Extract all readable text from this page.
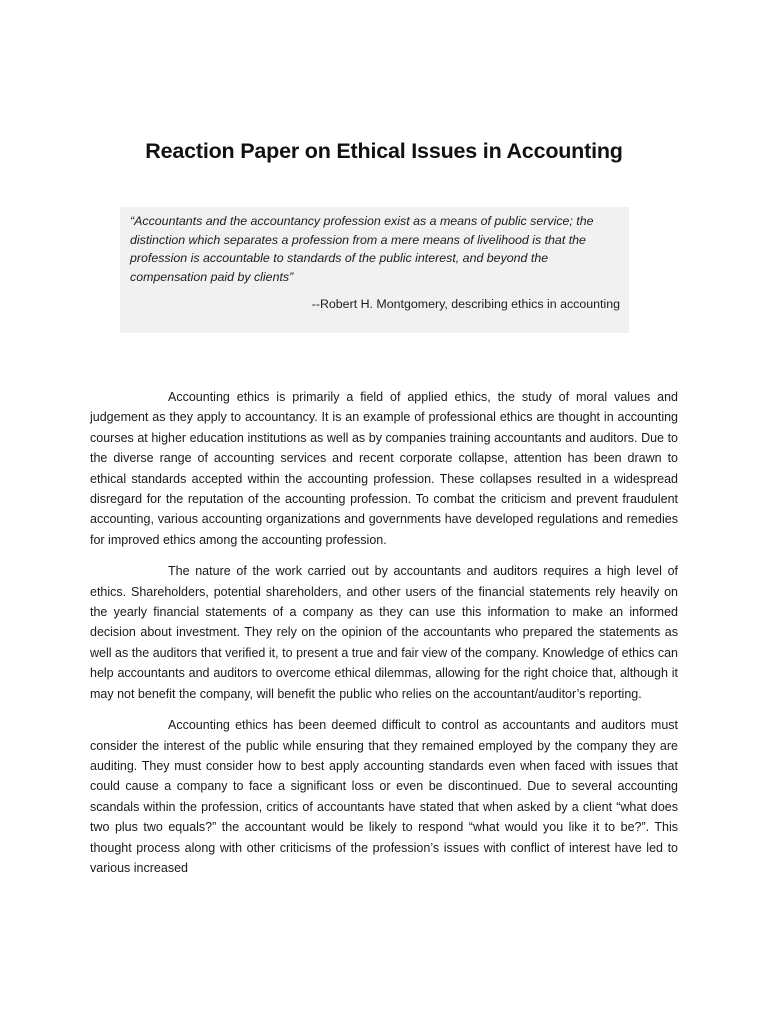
Reaction Paper on Ethical Issues in Accounting

“Accountants and the accountancy profession exist as a means of public service; the distinction which separates a profession from a mere means of livelihood is that the profession is accountable to standards of the public interest, and beyond the compensation paid by clients”

--Robert H. Montgomery, describing ethics in accounting

Accounting ethics is primarily a field of applied ethics, the study of moral values and judgement as they apply to accountancy. It is an example of professional ethics are thought in accounting courses at higher education institutions as well as by companies training accountants and auditors. Due to the diverse range of accounting services and recent corporate collapse, attention has been drawn to ethical standards accepted within the accounting profession. These collapses resulted in a widespread disregard for the reputation of the accounting profession. To combat the criticism and prevent fraudulent accounting, various accounting organizations and governments have developed regulations and remedies for improved ethics among the accounting profession.

The nature of the work carried out by accountants and auditors requires a high level of ethics. Shareholders, potential shareholders, and other users of the financial statements rely heavily on the yearly financial statements of a company as they can use this information to make an informed decision about investment. They rely on the opinion of the accountants who prepared the statements as well as the auditors that verified it, to present a true and fair view of the company. Knowledge of ethics can help accountants and auditors to overcome ethical dilemmas, allowing for the right choice that, although it may not benefit the company, will benefit the public who relies on the accountant/auditor’s reporting.

Accounting ethics has been deemed difficult to control as accountants and auditors must consider the interest of the public while ensuring that they remained employed by the company they are auditing. They must consider how to best apply accounting standards even when faced with issues that could cause a company to face a significant loss or even be discontinued. Due to several accounting scandals within the profession, critics of accountants have stated that when asked by a client “what does two plus two equals?” the accountant would be likely to respond “what would you like it to be?”. This thought process along with other criticisms of the profession’s issues with conflict of interest have led to various increased
